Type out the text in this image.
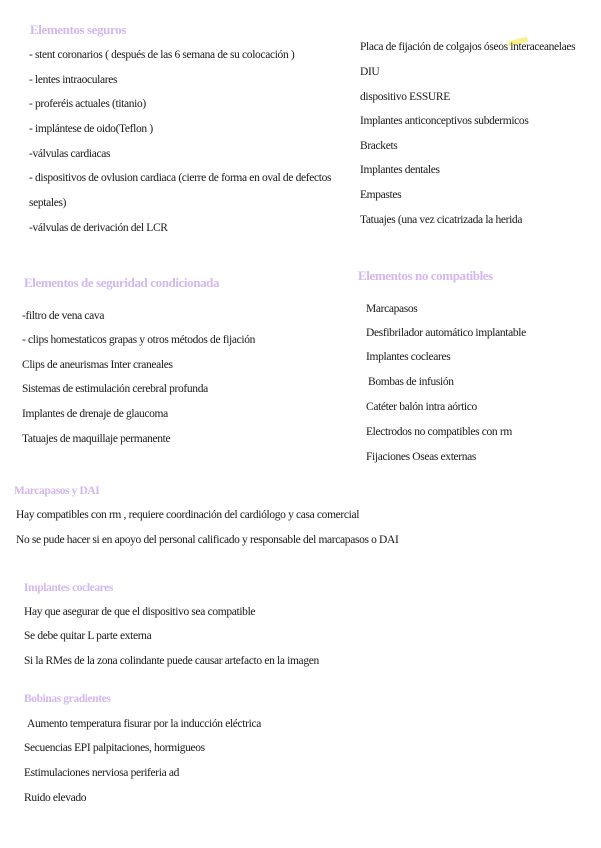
Elementos seguros
- stent coronarios ( después de las 6 semana de su colocación )
- lentes intraoculares
- proferéis actuales (titanio)
- implántese de oido(Teflon )
-válvulas cardiacas
- dispositivos de ovlusion cardiaca (cierre de forma en oval de defectos
septales)
-válvulas de derivación del LCR
Placa de fijación de colgajos óseos interaceanelaes
DIU
dispositivo ESSURE
Implantes anticonceptivos subdermicos
Brackets
Implantes dentales
Empastes
Tatuajes (una vez cicatrizada la herida
Elementos de seguridad condicionada
-filtro de vena cava
- clips homestaticos grapas y otros métodos de fijación
Clips de aneurismas Inter craneales
Sistemas de estimulación cerebral profunda
Implantes de drenaje de glaucoma
Tatuajes de maquillaje permanente
Elementos no compatibles
Marcapasos
Desfibrilador automático implantable
Implantes cocleares
Bombas de infusión
Catéter balón intra aórtico
Electrodos no compatibles con rm
Fijaciones Oseas externas
Marcapasos y DAI
Hay compatibles con rm , requiere coordinación del cardiólogo y casa comercial
No se pude hacer si en apoyo del personal calificado y responsable del marcapasos o DAI
Implantes cocleares
Hay que asegurar de que el dispositivo sea compatible
Se debe quitar L parte externa
Si la RMes de la zona colindante puede causar artefacto en la imagen
Bobinas gradientes
Aumento temperatura fisurar por la inducción eléctrica
Secuencias EPI palpitaciones, hormigueos
Estimulaciones nerviosa periferia ad
Ruido elevado
